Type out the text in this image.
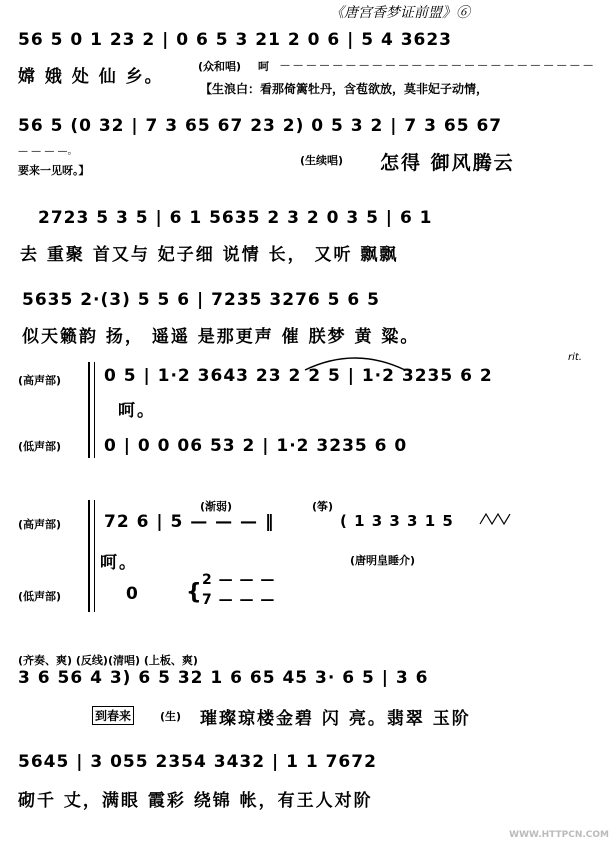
《唐宫香梦证前盟》⑥
56 5 0 1 23 2 | 0 6 5 3 21 2 0 6 | 5 4 3623
嫦 娥 处 仙 乡。
(众和唱) 呵 — — — — — — — — — — — — — — — — — — — — — — — —
【生浪白：看那倚篱牡丹，含苞欲放，莫非妃子动情，
56 5 (0 32 | 7 3 65 67 23 2) 0 5 3 2 | 7 3 65 67
— — — —。
要来一见呀。】
(生续唱) 怎得 御风腾云
2723 5 3 5 | 6 1 5635 2 3 2 0 3 5 | 6 1
去 重聚 首又与 妃子细 说情 长， 又听 飘飘
5635 2·(3) 5 5 6 | 7235 3276 5 6 5
似天籁韵 扬， 遥遥 是那更声 催 朕梦 黄 粱。
(高声部)
(低声部)
rit.
0 5 | 1·2 3643 23 2 2 5 | 1·2 3235 6 2
呵。
0 | 0 0 06 53 2 | 1·2 3235 6 0
(高声部)
(低声部)
(渐弱)	(筝)
72 6 | 5 — — — ‖	( 1 3 3 3 1 5
呵。	(唐明皇睡介)
0 { 2 — — —
7 — — —
(齐奏、爽) (反线)(清唱) (上板、爽)
3 6 56 4 3) 6 5 32 1 6 65 45 3· 6 5 | 3 6
到春来	(生) 璀璨琼楼金碧 闪 亮。翡翠 玉阶
5645 | 3 055 2354 3432 | 1 1 7672
砌千 丈，满眼 霞彩 绕锦 帐，有王人对阶
WWW.HTTPCN.COM
